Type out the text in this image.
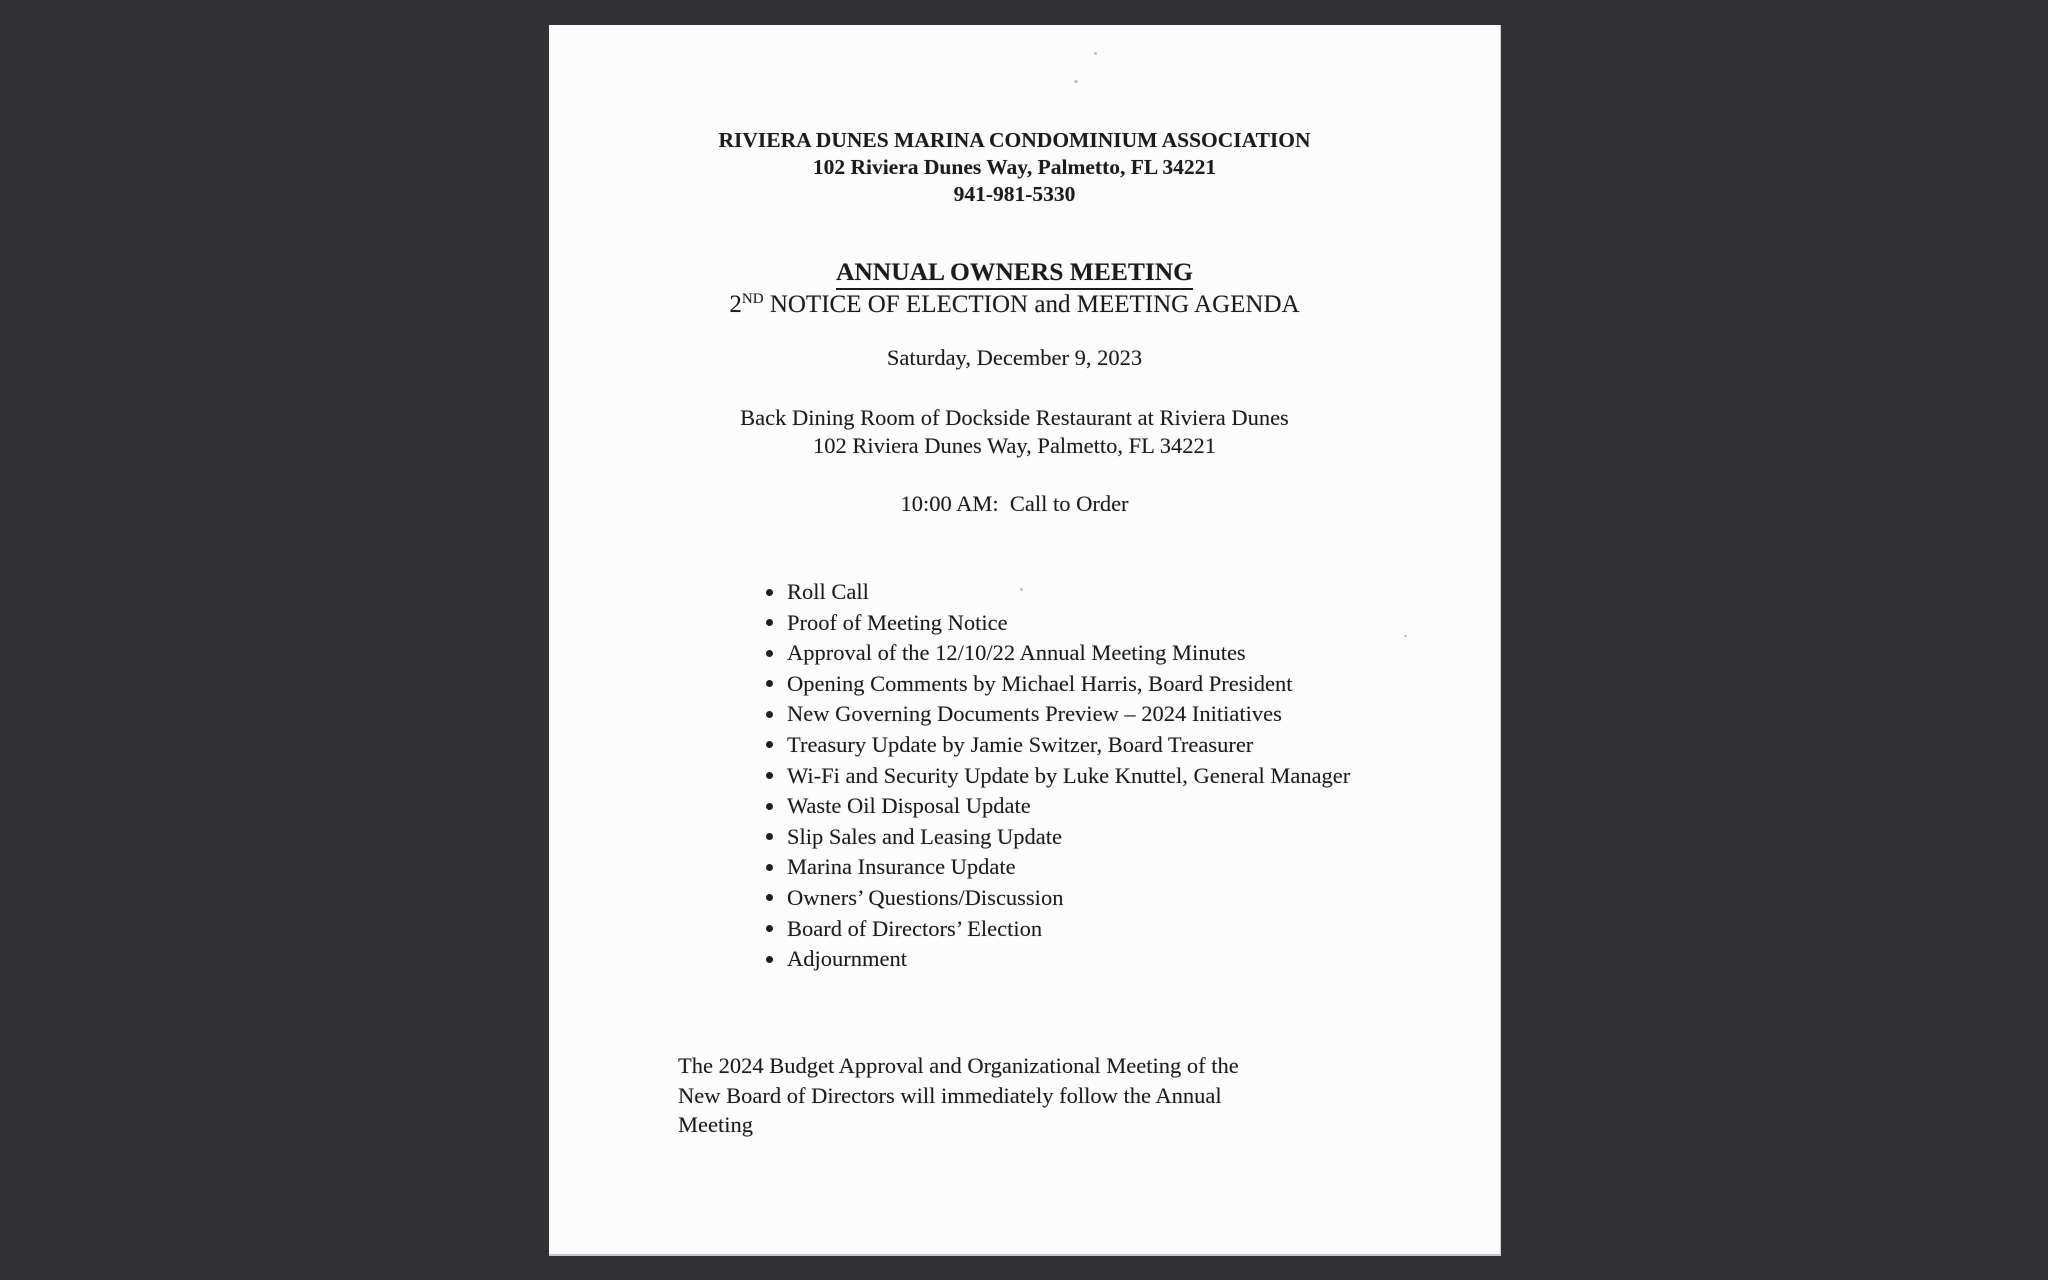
RIVIERA DUNES MARINA CONDOMINIUM ASSOCIATION
102 Riviera Dunes Way, Palmetto, FL 34221
941-981-5330
ANNUAL OWNERS MEETING
2ND NOTICE OF ELECTION and MEETING AGENDA
Saturday, December 9, 2023
Back Dining Room of Dockside Restaurant at Riviera Dunes
102 Riviera Dunes Way, Palmetto, FL 34221
10:00 AM:  Call to Order
Roll Call
Proof of Meeting Notice
Approval of the 12/10/22 Annual Meeting Minutes
Opening Comments by Michael Harris, Board President
New Governing Documents Preview – 2024 Initiatives
Treasury Update by Jamie Switzer, Board Treasurer
Wi-Fi and Security Update by Luke Knuttel, General Manager
Waste Oil Disposal Update
Slip Sales and Leasing Update
Marina Insurance Update
Owners’ Questions/Discussion
Board of Directors’ Election
Adjournment
The 2024 Budget Approval and Organizational Meeting of the
New Board of Directors will immediately follow the Annual
Meeting
